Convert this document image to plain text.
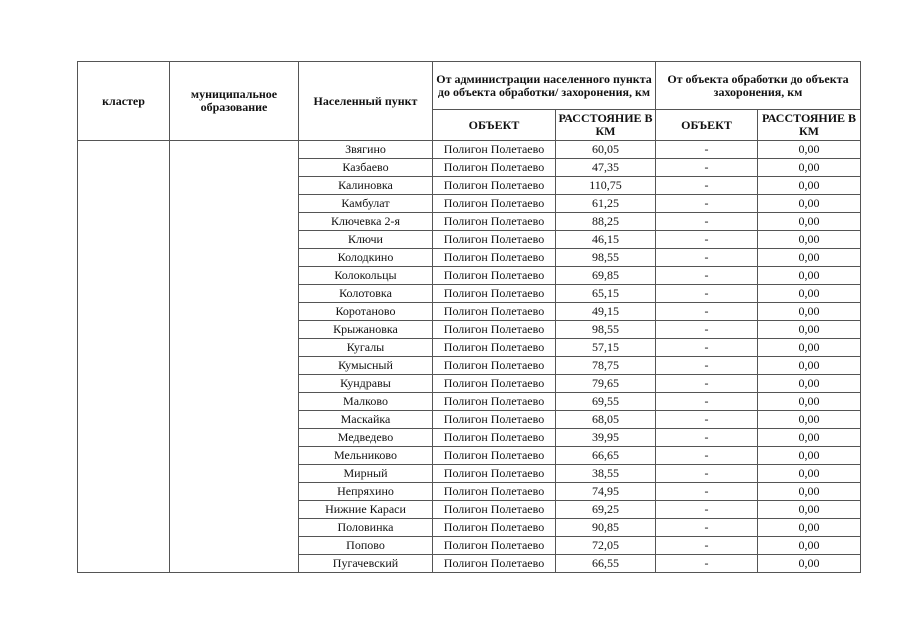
кластер	муниципальное образование	Населенный пункт	От администрации населенного пункта до объекта обработки/ захоронения, км		От объекта обработки до объекта захоронения, км	
			ОБЪЕКТ	РАССТОЯНИЕ В КМ	ОБЪЕКТ	РАССТОЯНИЕ В КМ
		Звягино	Полигон Полетаево	60,05	-	0,00
		Казбаево	Полигон Полетаево	47,35	-	0,00
		Калиновка	Полигон Полетаево	110,75	-	0,00
		Камбулат	Полигон Полетаево	61,25	-	0,00
		Ключевка 2-я	Полигон Полетаево	88,25	-	0,00
		Ключи	Полигон Полетаево	46,15	-	0,00
		Колодкино	Полигон Полетаево	98,55	-	0,00
		Колокольцы	Полигон Полетаево	69,85	-	0,00
		Колотовка	Полигон Полетаево	65,15	-	0,00
		Коротаново	Полигон Полетаево	49,15	-	0,00
		Крыжановка	Полигон Полетаево	98,55	-	0,00
		Кугалы	Полигон Полетаево	57,15	-	0,00
		Кумысный	Полигон Полетаево	78,75	-	0,00
		Кундравы	Полигон Полетаево	79,65	-	0,00
		Малково	Полигон Полетаево	69,55	-	0,00
		Маскайка	Полигон Полетаево	68,05	-	0,00
		Медведево	Полигон Полетаево	39,95	-	0,00
		Мельниково	Полигон Полетаево	66,65	-	0,00
		Мирный	Полигон Полетаево	38,55	-	0,00
		Непряхино	Полигон Полетаево	74,95	-	0,00
		Нижние Караси	Полигон Полетаево	69,25	-	0,00
		Половинка	Полигон Полетаево	90,85	-	0,00
		Попово	Полигон Полетаево	72,05	-	0,00
		Пугачевский	Полигон Полетаево	66,55	-	0,00
